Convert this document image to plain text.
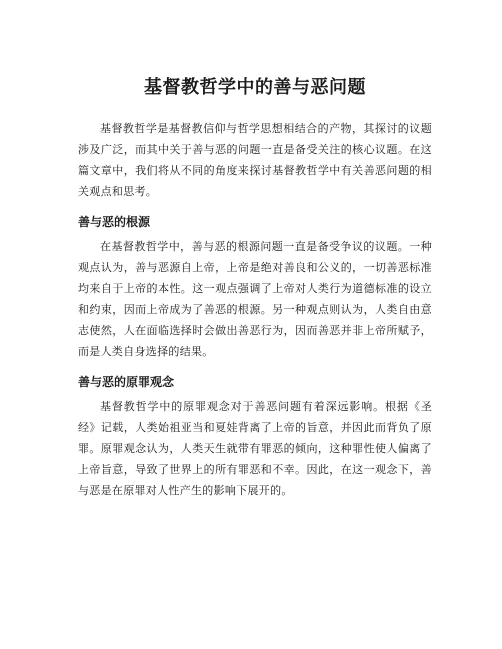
基督教哲学中的善与恶问题

基督教哲学是基督教信仰与哲学思想相结合的产物，其探讨的议题涉及广泛，而其中关于善与恶的问题一直是备受关注的核心议题。在这篇文章中，我们将从不同的角度来探讨基督教哲学中有关善恶问题的相关观点和思考。

善与恶的根源

在基督教哲学中，善与恶的根源问题一直是备受争议的议题。一种观点认为，善与恶源自上帝，上帝是绝对善良和公义的，一切善恶标准均来自于上帝的本性。这一观点强调了上帝对人类行为道德标准的设立和约束，因而上帝成为了善恶的根源。另一种观点则认为，人类自由意志使然，人在面临选择时会做出善恶行为，因而善恶并非上帝所赋予，而是人类自身选择的结果。

善与恶的原罪观念

基督教哲学中的原罪观念对于善恶问题有着深远影响。根据《圣经》记载，人类始祖亚当和夏娃背离了上帝的旨意，并因此而背负了原罪。原罪观念认为，人类天生就带有罪恶的倾向，这种罪性使人偏离了上帝旨意，导致了世界上的所有罪恶和不幸。因此，在这一观念下，善与恶是在原罪对人性产生的影响下展开的。
